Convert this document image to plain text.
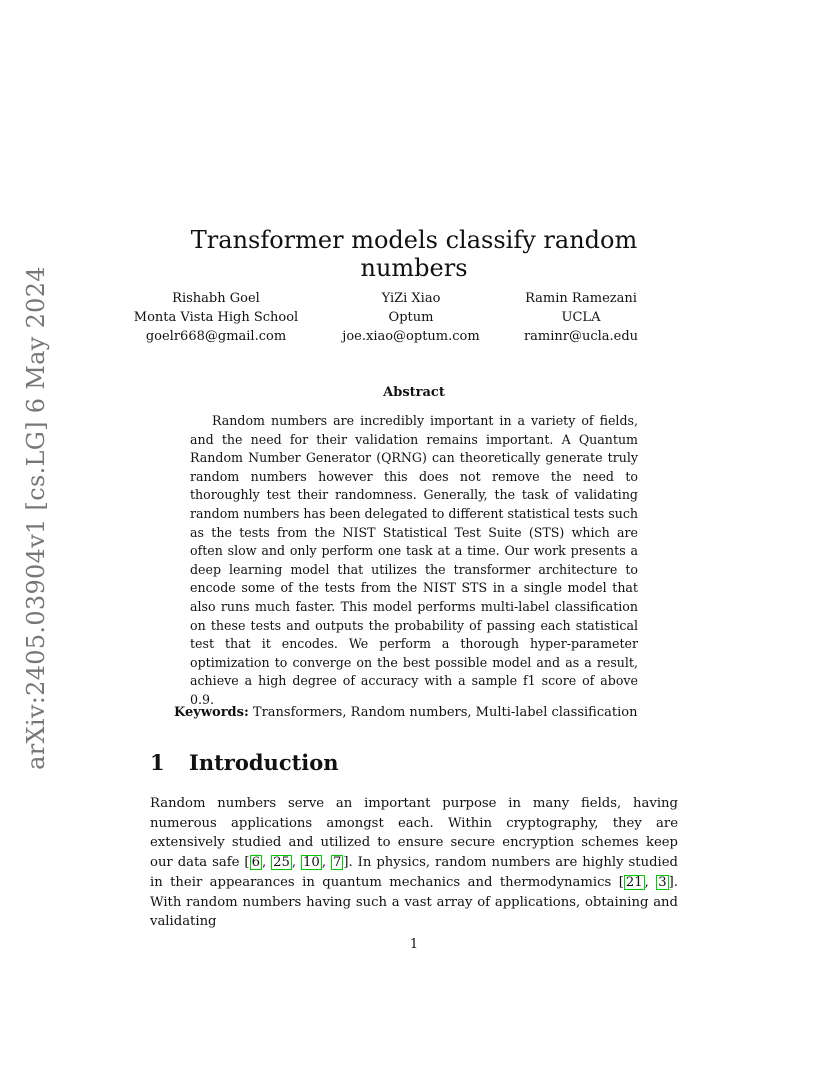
arXiv:2405.03904v1 [cs.LG] 6 May 2024
Transformer models classify random numbers
Rishabh Goel
Monta Vista High School
goelr668@gmail.com
YiZi Xiao
Optum
joe.xiao@optum.com
Ramin Ramezani
UCLA
raminr@ucla.edu
Abstract

Random numbers are incredibly important in a variety of fields, and the need for their validation remains important. A Quantum Random Number Generator (QRNG) can theoretically generate truly random numbers however this does not remove the need to thoroughly test their randomness. Generally, the task of validating random numbers has been delegated to different statistical tests such as the tests from the NIST Statistical Test Suite (STS) which are often slow and only perform one task at a time. Our work presents a deep learning model that utilizes the transformer architecture to encode some of the tests from the NIST STS in a single model that also runs much faster. This model performs multi-label classification on these tests and outputs the probability of passing each statistical test that it encodes. We perform a thorough hyper-parameter optimization to converge on the best possible model and as a result, achieve a high degree of accuracy with a sample f1 score of above 0.9.

Keywords: Transformers, Random numbers, Multi-label classification
1 Introduction

Random numbers serve an important purpose in many fields, having numerous applications amongst each. Within cryptography, they are extensively studied and utilized to ensure secure encryption schemes keep our data safe [ 6 , 25 , 10 , 7 ]. In physics, random numbers are highly studied in their appearances in quantum mechanics and thermodynamics [ 21 , 3 ]. With random numbers having such a vast array of applications, obtaining and validating

1
